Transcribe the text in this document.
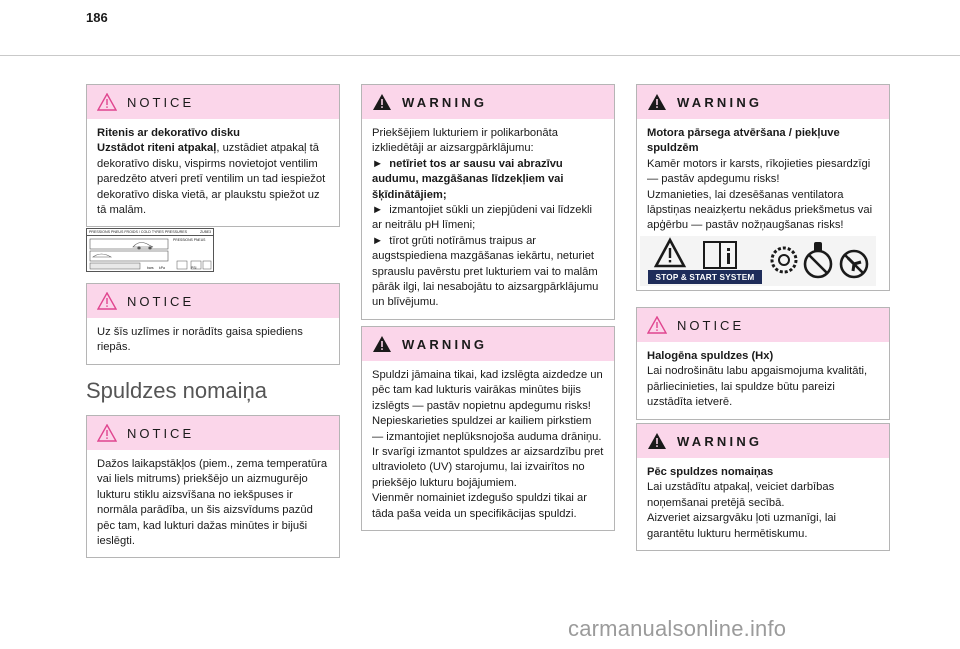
186
NOTICE

Ritenis ar dekoratīvo disku

Uzstādot riteni atpakaļ, uzstādiet atpakaļ tā dekoratīvo disku, vispirms novietojot ventilim paredzēto atveri pretī ventilim un tad iespiežot dekoratīvo diska vietā, ar plaukstu spiežot uz tā malām.

PRESSIONS PNEUS FROIDS / COLD TYRES PRESSURES	ZUBE3
PRESSIONS PNEUS
bars kPa	PSI
NOTICE

Uz šīs uzlīmes ir norādīts gaisa spiediens riepās.

Spuldzes nomaiņa
NOTICE

Dažos laikapstākļos (piem., zema temperatūra vai liels mitrums) priekšējo un aizmugurējo lukturu stiklu aizsvīšana no iekšpuses ir normāla parādība, un šis aizsvīdums pazūd pēc tam, kad lukturi dažas minūtes ir bijuši ieslēgti.

WARNING

Priekšējiem lukturiem ir polikarbonāta izkliedētāji ar aizsargpārklājumu:

► netīriet tos ar sausu vai abrazīvu audumu, mazgāšanas līdzekļiem vai šķīdinātājiem;

► izmantojiet sūkli un ziepjūdeni vai līdzekli ar neitrālu pH līmeni;

► tīrot grūti notīrāmus traipus ar augstspiediena mazgāšanas iekārtu, neturiet sprauslu pavērstu pret lukturiem vai to malām pārāk ilgi, lai nesabojātu to aizsargpārklājumu un blīvējumu.

WARNING

Spuldzi jāmaina tikai, kad izslēgta aizdedze un pēc tam kad lukturis vairākas minūtes bijis izslēgts — pastāv nopietnu apdegumu risks!

Nepieskarieties spuldzei ar kailiem pirkstiem — izmantojiet neplūksnojoša auduma drāniņu.

Ir svarīgi izmantot spuldzes ar aizsardzību pret ultravioleto (UV) starojumu, lai izvairītos no priekšējo lukturu bojājumiem.

Vienmēr nomainiet izdegušo spuldzi tikai ar tāda paša veida un specifikācijas spuldzi.

WARNING

Motora pārsega atvēršana / piekļuve spuldzēm

Kamēr motors ir karsts, rīkojieties piesardzīgi — pastāv apdegumu risks!

Uzmanieties, lai dzesēšanas ventilatora lāpstiņas neaizķertu nekādus priekšmetus vai apģērbu — pastāv nožņaugšanas risks!

STOP & START SYSTEM
NOTICE

Halogēna spuldzes (Hx)

Lai nodrošinātu labu apgaismojuma kvalitāti, pārliecinieties, lai spuldze būtu pareizi uzstādīta ietverē.

WARNING

Pēc spuldzes nomaiņas

Lai uzstādītu atpakaļ, veiciet darbības noņemšanai pretējā secībā.

Aizveriet aizsargvāku ļoti uzmanīgi, lai garantētu lukturu hermētiskumu.

carmanualsonline.info
